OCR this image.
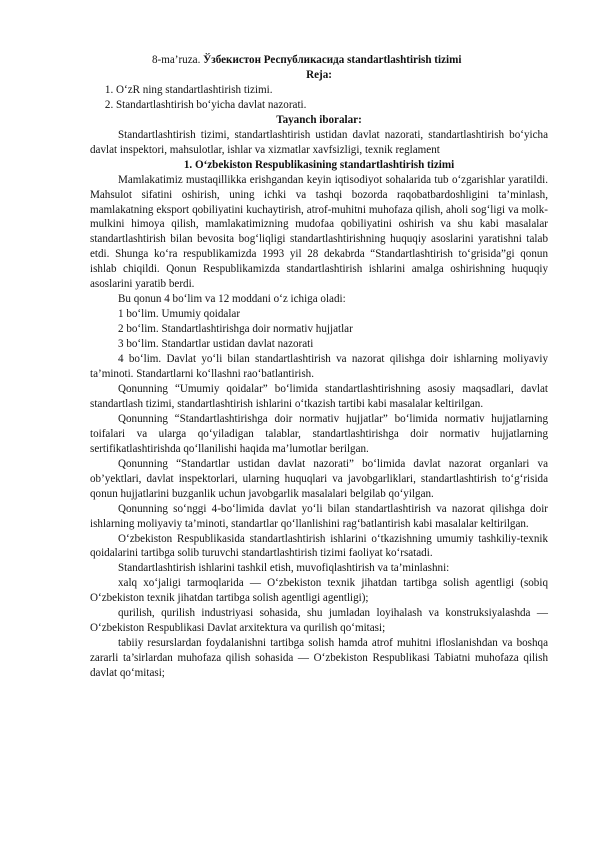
8-ma’ruza. Ўзбекистон Республикасида standartlashtirish tizimi
Reja:
1. O‘zR ning standartlashtirish tizimi.
2. Standartlashtirish bo‘yicha davlat nazorati.
Tayanch iboralar:

Standartlashtirish tizimi, standartlashtirish ustidan davlat nazorati, standartlashtirish bo‘yicha davlat inspektori, mahsulotlar, ishlar va xizmatlar xavfsizligi, texnik reglament

1. O‘zbekiston Respublikasining standartlashtirish tizimi

Mamlakatimiz mustaqillikka erishgandan keyin iqtisodiyot sohalarida tub o‘zgarishlar yaratildi. Mahsulot sifatini oshirish, uning ichki va tashqi bozorda raqobatbardoshligini ta’minlash, mamlakatning eksport qobiliyatini kuchaytirish, atrof-muhitni muhofaza qilish, aholi sog‘ligi va molk-mulkini himoya qilish, mamlakatimizning mudofaa qobiliyatini oshirish va shu kabi masalalar standartlashtirish bilan bevosita bog‘liqligi standartlashtirishning huquqiy asoslarini yaratishni talab etdi. Shunga ko‘ra respublikamizda 1993 yil 28 dekabrda “Standartlashtirish to‘grisida”gi qonun ishlab chiqildi. Qonun Respublikamizda standartlashtirish ishlarini amalga oshirishning huquqiy asoslarini yaratib berdi.

Bu qonun 4 bo‘lim va 12 moddani o‘z ichiga oladi:

1 bo‘lim. Umumiy qoidalar

2 bo‘lim. Standartlashtirishga doir normativ hujjatlar

3 bo‘lim. Standartlar ustidan davlat nazorati

4 bo‘lim. Davlat yo‘li bilan standartlashtirish va nazorat qilishga doir ishlarning moliyaviy ta’minoti. Standartlarni ko‘llashni rao‘batlantirish.

Qonunning “Umumiy qoidalar” bo‘limida standartlashtirishning asosiy maqsadlari, davlat standartlash tizimi, standartlashtirish ishlarini o‘tkazish tartibi kabi masalalar keltirilgan.

Qonunning “Standartlashtirishga doir normativ hujjatlar” bo‘limida normativ hujjatlarning toifalari va ularga qo‘yiladigan talablar, standartlashtirishga doir normativ hujjatlarning sertifikatlashtirishda qo‘llanilishi haqida ma’lumotlar berilgan.

Qonunning “Standartlar ustidan davlat nazorati” bo‘limida davlat nazorat organlari va ob’yektlari, davlat inspektorlari, ularning huquqlari va javobgarliklari, standartlashtirish to‘g‘risida qonun hujjatlarini buzganlik uchun javobgarlik masalalari belgilab qo‘yilgan.

Qonunning so‘nggi 4-bo‘limida davlat yo‘li bilan standartlashtirish va nazorat qilishga doir ishlarning moliyaviy ta’minoti, standartlar qo‘llanlishini rag‘batlantirish kabi masalalar keltirilgan.

O‘zbekiston Respublikasida standartlashtirish ishlarini o‘tkazishning umumiy tashkiliy-texnik qoidalarini tartibga solib turuvchi standartlashtirish tizimi faoliyat ko‘rsatadi.

Standartlashtirish ishlarini tashkil etish, muvofiqlashtirish va ta’minlashni:

xalq xo‘jaligi tarmoqlarida — O‘zbekiston texnik jihatdan tartibga solish agentligi (sobiq O‘zbekiston texnik jihatdan tartibga solish agentligi agentligi);

qurilish, qurilish industriyasi sohasida, shu jumladan loyihalash va konstruksiyalashda — O‘zbekiston Respublikasi Davlat arxitektura va qurilish qo‘mitasi;

tabiiy resurslardan foydalanishni tartibga solish hamda atrof muhitni ifloslanishdan va boshqa zararli ta’sirlardan muhofaza qilish sohasida — O‘zbekiston Respublikasi Tabiatni muhofaza qilish davlat qo‘mitasi;
